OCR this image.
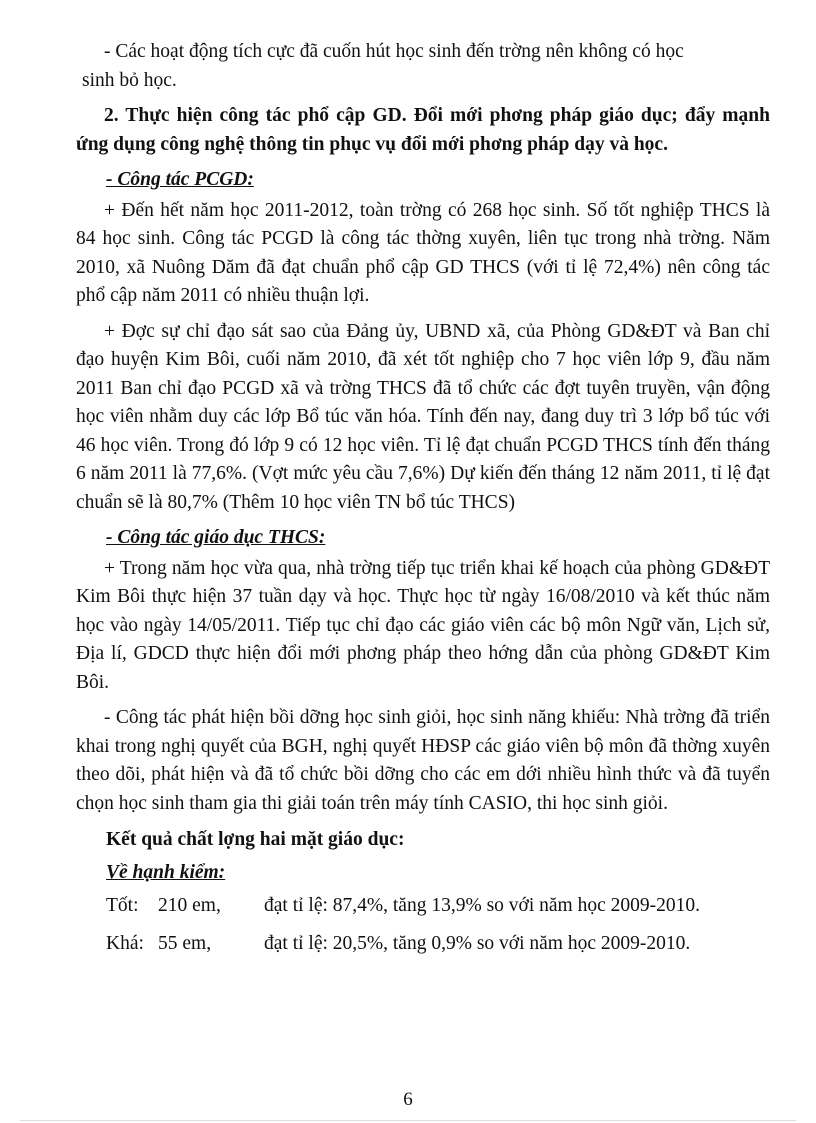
- Các hoạt động tích cực đã cuốn hút học sinh đến trờng nên không có học

sinh bỏ học.

2. Thực hiện công tác phổ cập GD. Đổi mới phơng pháp giáo dục; đẩy mạnh ứng dụng công nghệ thông tin phục vụ đổi mới phơng pháp dạy và học.

- Công tác PCGD:

+ Đến hết năm học 2011-2012, toàn trờng có 268 học sinh. Số tốt nghiệp THCS là 84 học sinh. Công tác PCGD là công tác thờng xuyên, liên tục trong nhà trờng. Năm 2010, xã Nuông Dăm đã đạt chuẩn phổ cập GD THCS (với tỉ lệ 72,4%) nên công tác phổ cập năm 2011 có nhiều thuận lợi.

+ Đợc sự chỉ đạo sát sao của Đảng ủy, UBND xã, của Phòng GD&ĐT và Ban chỉ đạo huyện Kim Bôi, cuối năm 2010, đã xét tốt nghiệp cho 7 học viên lớp 9, đầu năm 2011 Ban chỉ đạo PCGD xã và trờng THCS đã tổ chức các đợt tuyên truyền, vận động học viên nhằm duy các lớp Bổ túc văn hóa. Tính đến nay, đang duy trì 3 lớp bổ túc với 46 học viên. Trong đó lớp 9 có 12 học viên. Tỉ lệ đạt chuẩn PCGD THCS tính đến tháng 6 năm 2011 là 77,6%. (Vợt mức yêu cầu 7,6%) Dự kiến đến tháng 12 năm 2011, tỉ lệ đạt chuẩn sẽ là 80,7% (Thêm 10 học viên TN bổ túc THCS)

- Công tác giáo dục THCS:

+ Trong năm học vừa qua, nhà trờng tiếp tục triển khai kế hoạch của phòng GD&ĐT Kim Bôi thực hiện 37 tuần dạy và học. Thực học từ ngày 16/08/2010 và kết thúc năm học vào ngày 14/05/2011. Tiếp tục chỉ đạo các giáo viên các bộ môn Ngữ văn, Lịch sử, Địa lí, GDCD thực hiện đổi mới phơng pháp theo hớng dẫn của phòng GD&ĐT Kim Bôi.

- Công tác phát hiện bồi dỡng học sinh giỏi, học sinh năng khiếu: Nhà trờng đã triển khai trong nghị quyết của BGH, nghị quyết HĐSP các giáo viên bộ môn đã thờng xuyên theo dõi, phát hiện và đã tổ chức bồi dỡng cho các em dới nhiều hình thức và đã tuyển chọn học sinh tham gia thi giải toán trên máy tính CASIO, thi học sinh giỏi.

Kết quả chất lợng hai mặt giáo dục:

Về hạnh kiểm:

Tốt:	210 em,	đạt tỉ lệ: 87,4%, tăng 13,9% so với năm học 2009-2010.
Khá: 55 em,	đạt tỉ lệ: 20,5%, tăng 0,9% so với năm học 2009-2010.
6
